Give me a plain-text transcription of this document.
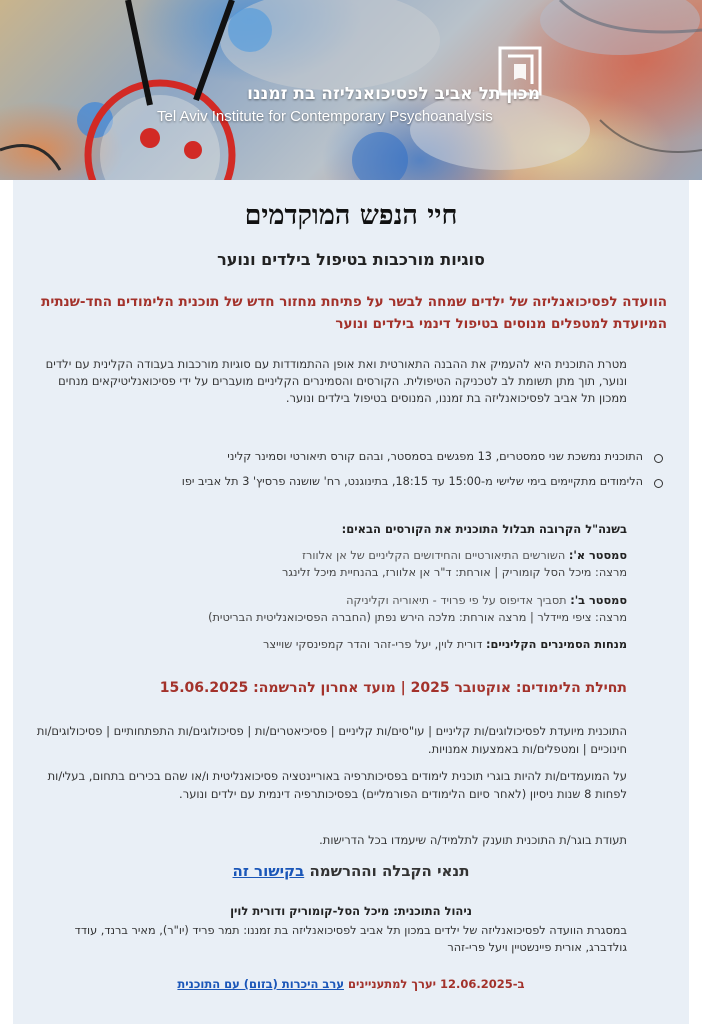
מכון תל אביב לפסיכואנליזה בת זמננו
Tel Aviv Institute for Contemporary Psychoanalysis
חיי הנפש המוקדמים
סוגיות מורכבות בטיפול בילדים ונוער
הוועדה לפסיכואנליזה של ילדים שמחה לבשר על פתיחת מחזור חדש של תוכנית הלימודים החד-שנתית המיועדת למטפלים מנוסים בטיפול דינמי בילדים ונוער
מטרת התוכנית היא להעמיק את ההבנה התאורטית ואת אופן ההתמודדות עם סוגיות מורכבות בעבודה הקלינית עם ילדים ונוער, תוך מתן תשומת לב לטכניקה הטיפולית. הקורסים והסמינרים הקליניים מועברים על ידי פסיכואנליטיקאים מנחים ממכון תל אביב לפסיכואנליזה בת זמננו, המנוסים בטיפול בילדים ונוער.
התוכנית נמשכת שני סמסטרים, 13 מפגשים בסמסטר, ובהם קורס תיאורטי וסמינר קליני
הלימודים מתקיימים בימי שלישי מ-15:00 עד 18:15, בתינוגנט, רח' שושנה פרסיץ' 3 תל אביב יפו
בשנה"ל הקרובה תבלול התוכנית את הקורסים הבאים:
סמסטר א': השורשים התיאורטיים והחידושים הקליניים של אן אלוורז
מרצה: מיכל הסל קומוריק | אורחת: ד"ר אן אלוורז, בהנחיית מיכל זלינגר
סמסטר ב': תסביך אדיפוס על פי פרויד - תיאוריה וקליניקה
מרצה: ציפי מיידלר | מרצה אורחת: מלכה הירש נפתן (החברה הפסיכואנליטית הבריטית)
מנחות הסמינרים הקליניים: דורית לוין, יעל פרי-זהר והדר קמפינסקי שוייצר
תחילת הלימודים: אוקטובר 2025 | מועד אחרון להרשמה: 15.06.2025
התוכנית מיועדת לפסיכולוגים/ות קליניים | עו"סים/ות קליניים | פסיכיאטרים/ות | פסיכולוגים/ות התפתחותיים | פסיכולוגים/ות חינוכיים | ומטפלים/ות באמצעות אמנויות.
על המועמדים/ות להיות בוגרי תוכנית לימודים בפסיכותרפיה באוריינטציה פסיכואנליטית ו/או שהם בכירים בתחום, בעלי/ות לפחות 8 שנות ניסיון (לאחר סיום הלימודים הפורמליים) בפסיכותרפיה דינמית עם ילדים ונוער.
תעודת בוגר/ת התוכנית תוענק לתלמיד/ה שיעמדו בכל הדרישות.
תנאי הקבלה וההרשמה בקישור זה
ניהול התוכנית: מיכל הסל-קומוריק ודורית לוין
במסגרת הוועדה לפסיכואנליזה של ילדים במכון תל אביב לפסיכואנליזה בת זמננו: תמר פריד (יו"ר), מאיר ברנד, עודד גולדברג, אורית פיינשטיין ויעל פרי-זהר
ב-12.06.2025 יערך למתעניינים ערב היכרות (בזום) עם התוכנית
